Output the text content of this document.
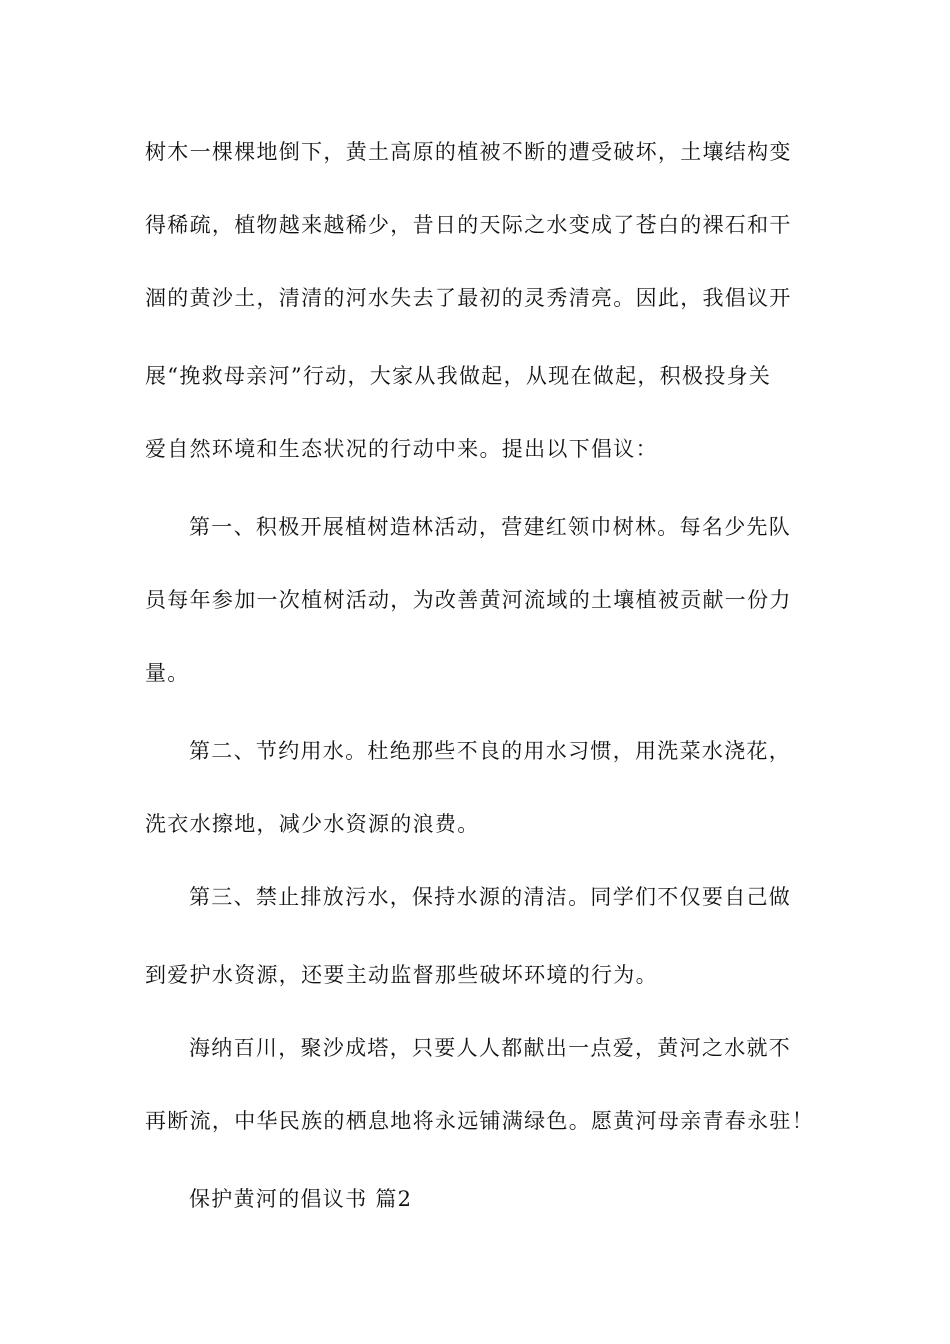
树木一棵棵地倒下，黄土高原的植被不断的遭受破坏，土壤结构变
得稀疏，植物越来越稀少，昔日的天际之水变成了苍白的裸石和干
涸的黄沙土，清清的河水失去了最初的灵秀清亮。因此，我倡议开
展“挽救母亲河”行动，大家从我做起，从现在做起，积极投身关
爱自然环境和生态状况的行动中来。提出以下倡议：
第一、积极开展植树造林活动，营建红领巾树林。每名少先队
员每年参加一次植树活动，为改善黄河流域的土壤植被贡献一份力
量。
第二、节约用水。杜绝那些不良的用水习惯，用洗菜水浇花，
洗衣水擦地，减少水资源的浪费。
第三、禁止排放污水，保持水源的清洁。同学们不仅要自己做
到爱护水资源，还要主动监督那些破坏环境的行为。
海纳百川，聚沙成塔，只要人人都献出一点爱，黄河之水就不
再断流，中华民族的栖息地将永远铺满绿色。愿黄河母亲青春永驻！
保护黄河的倡议书 篇2
